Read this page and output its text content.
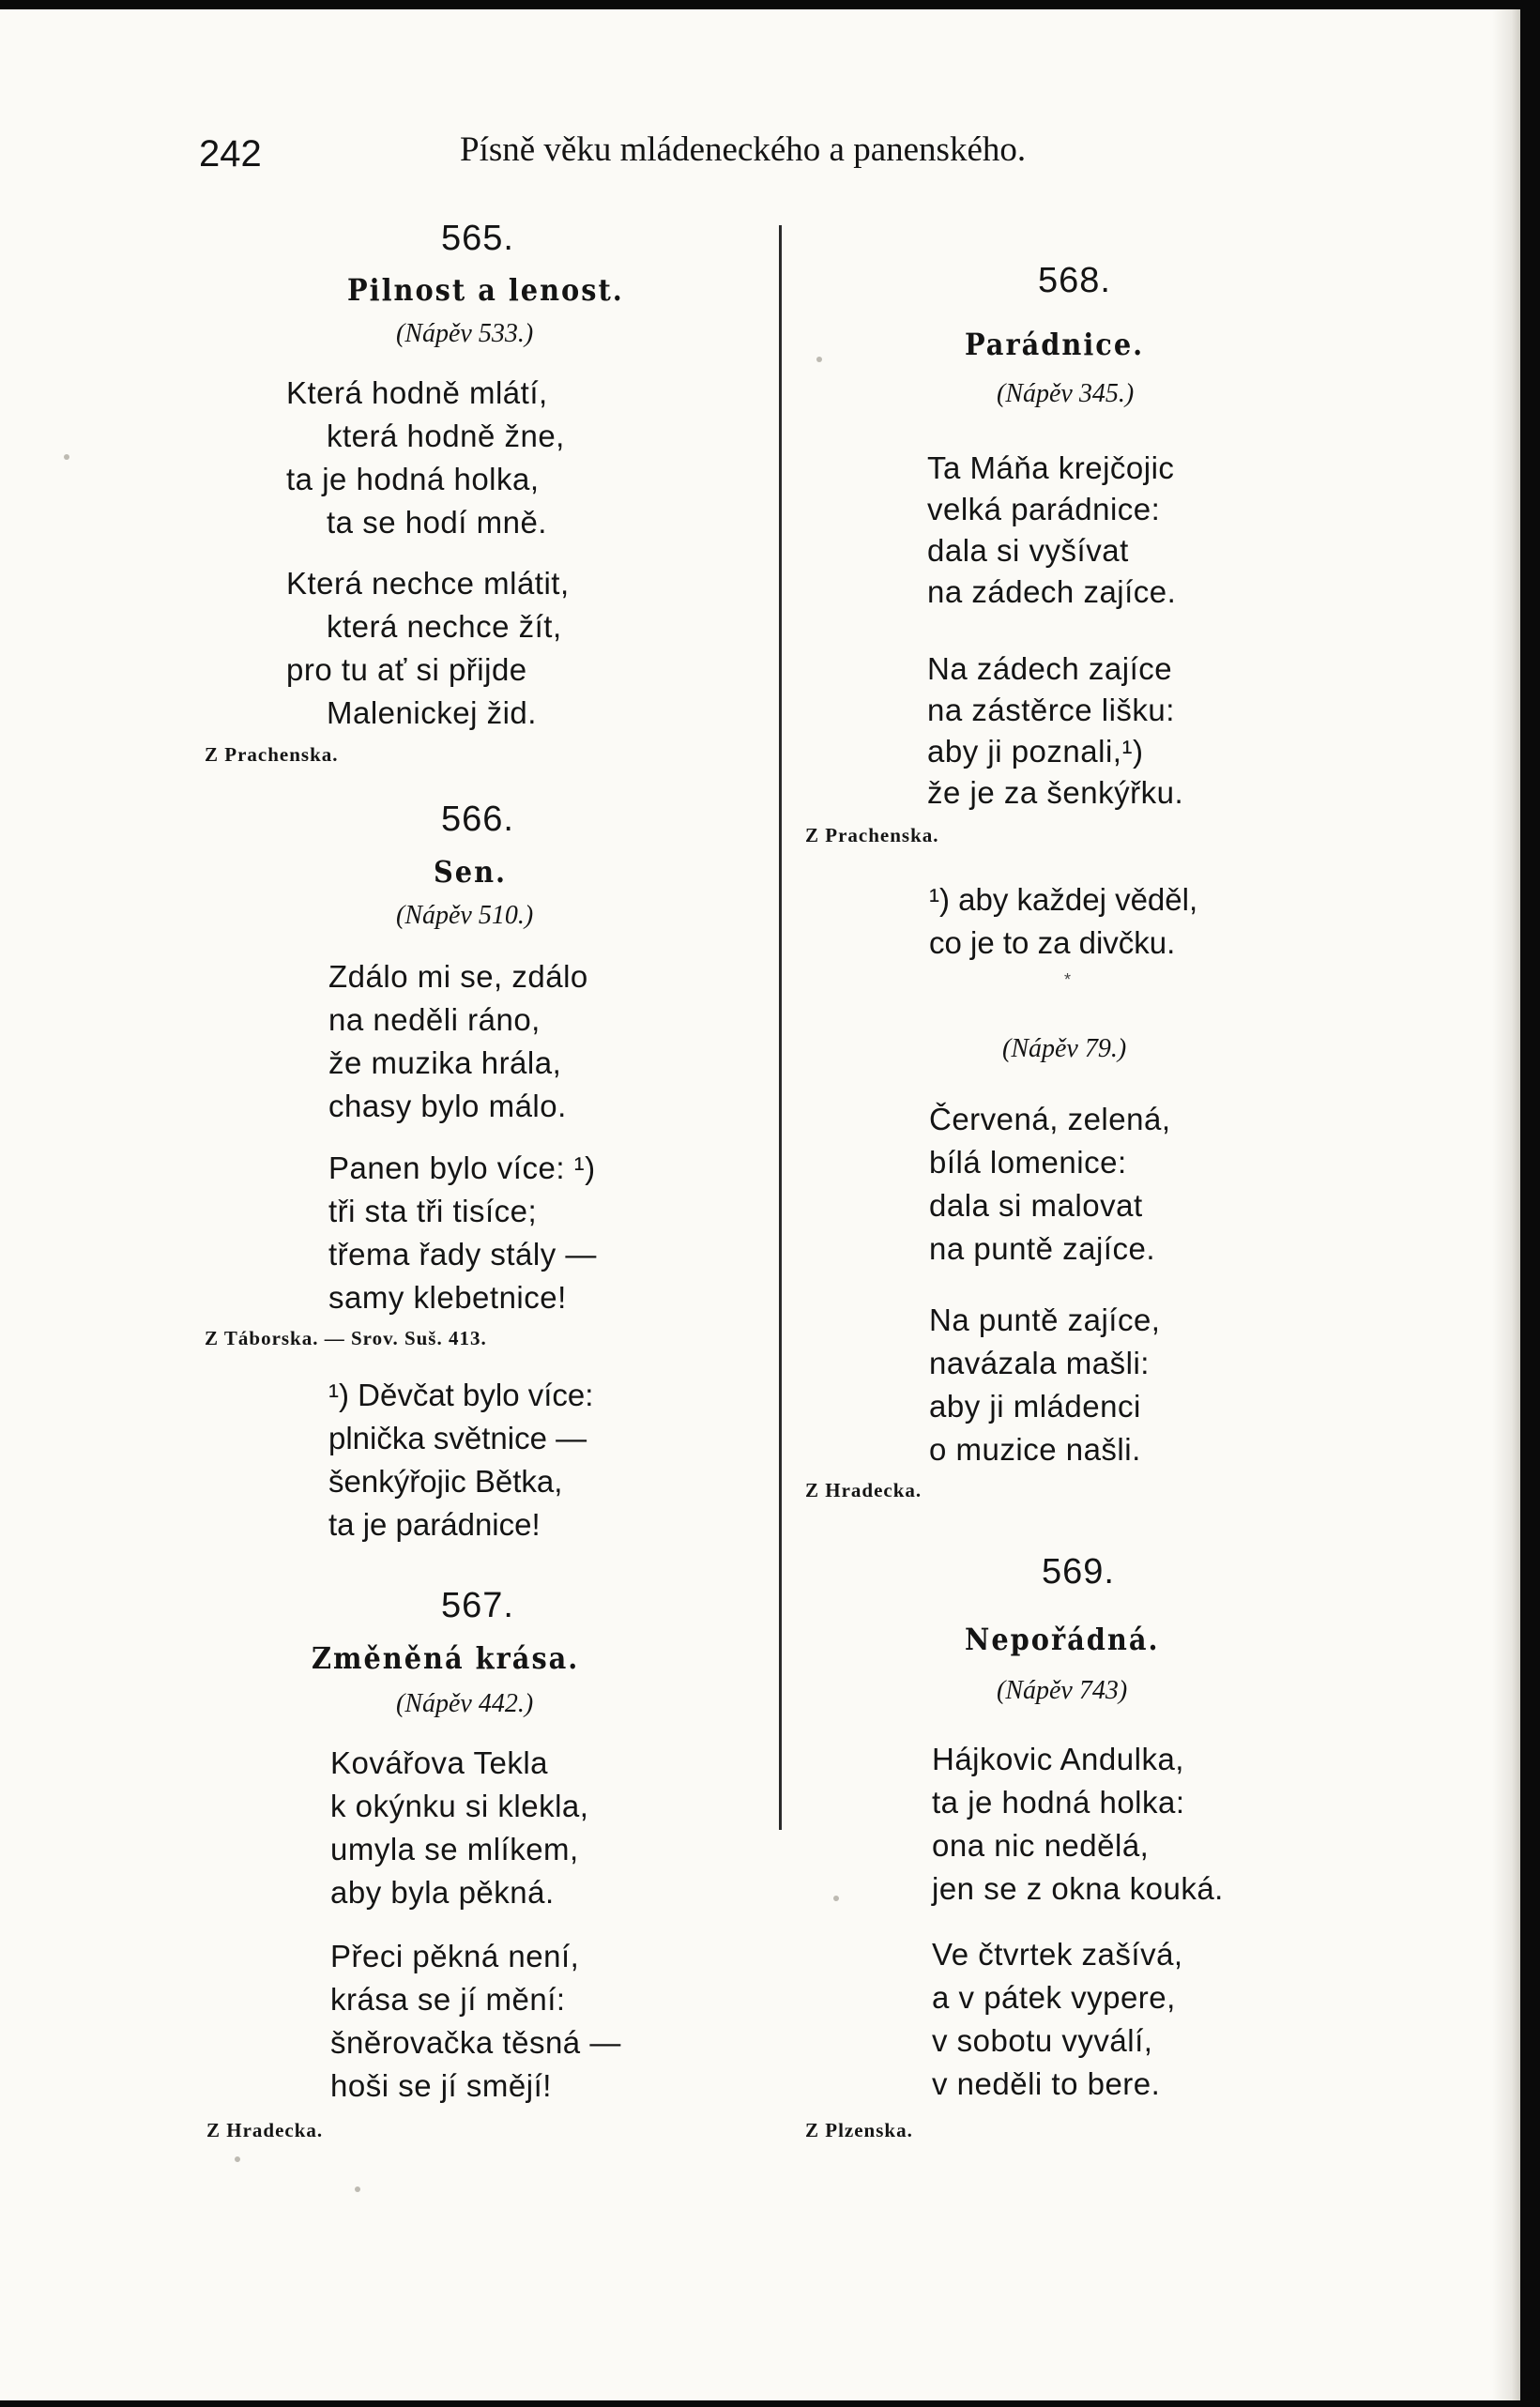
242	Písně věku mládeneckého a panenského.
565.
Pilnost a lenost.
(Nápěv 533.)
Která hodně mlátí,
která hodně žne,
ta je hodná holka,
ta se hodí mně.
Která nechce mlátit,
která nechce žít,
pro tu ať si přijde
Malenickej žid.
Z Prachenska.
566.
Sen.
(Nápěv 510.)
Zdálo mi se, zdálo
na neděli ráno,
že muzika hrála,
chasy bylo málo.
Panen bylo více: ¹)
tři sta tři tisíce;
třema řady stály —
samy klebetnice!
Z Táborska. — Srov. Suš. 413.
¹) Děvčat bylo více:
plnička světnice —
šenkýřojic Bětka,
ta je parádnice!
567.
Změněná krása.
(Nápěv 442.)
Kovářova Tekla
k okýnku si klekla,
umyla se mlíkem,
aby byla pěkná.
Přeci pěkná není,
krása se jí mění:
šněrovačka těsná —
hoši se jí smějí!
Z Hradecka.
568.
Parádnice.
(Nápěv 345.)
Ta Máňa krejčojic
velká parádnice:
dala si vyšívat
na zádech zajíce.
Na zádech zajíce
na zástěrce lišku:
aby ji poznali,¹)
že je za šenkýřku.
Z Prachenska.
¹) aby každej věděl,
co je to za divčku.
*
(Nápěv 79.)
Červená, zelená,
bílá lomenice:
dala si malovat
na puntě zajíce.
Na puntě zajíce,
navázala mašli:
aby ji mládenci
o muzice našli.
Z Hradecka.
569.
Nepořádná.
(Nápěv 743)
Hájkovic Andulka,
ta je hodná holka:
ona nic nedělá,
jen se z okna kouká.
Ve čtvrtek zašívá,
a v pátek vypere,
v sobotu vyválí,
v neděli to bere.
Z Plzenska.
